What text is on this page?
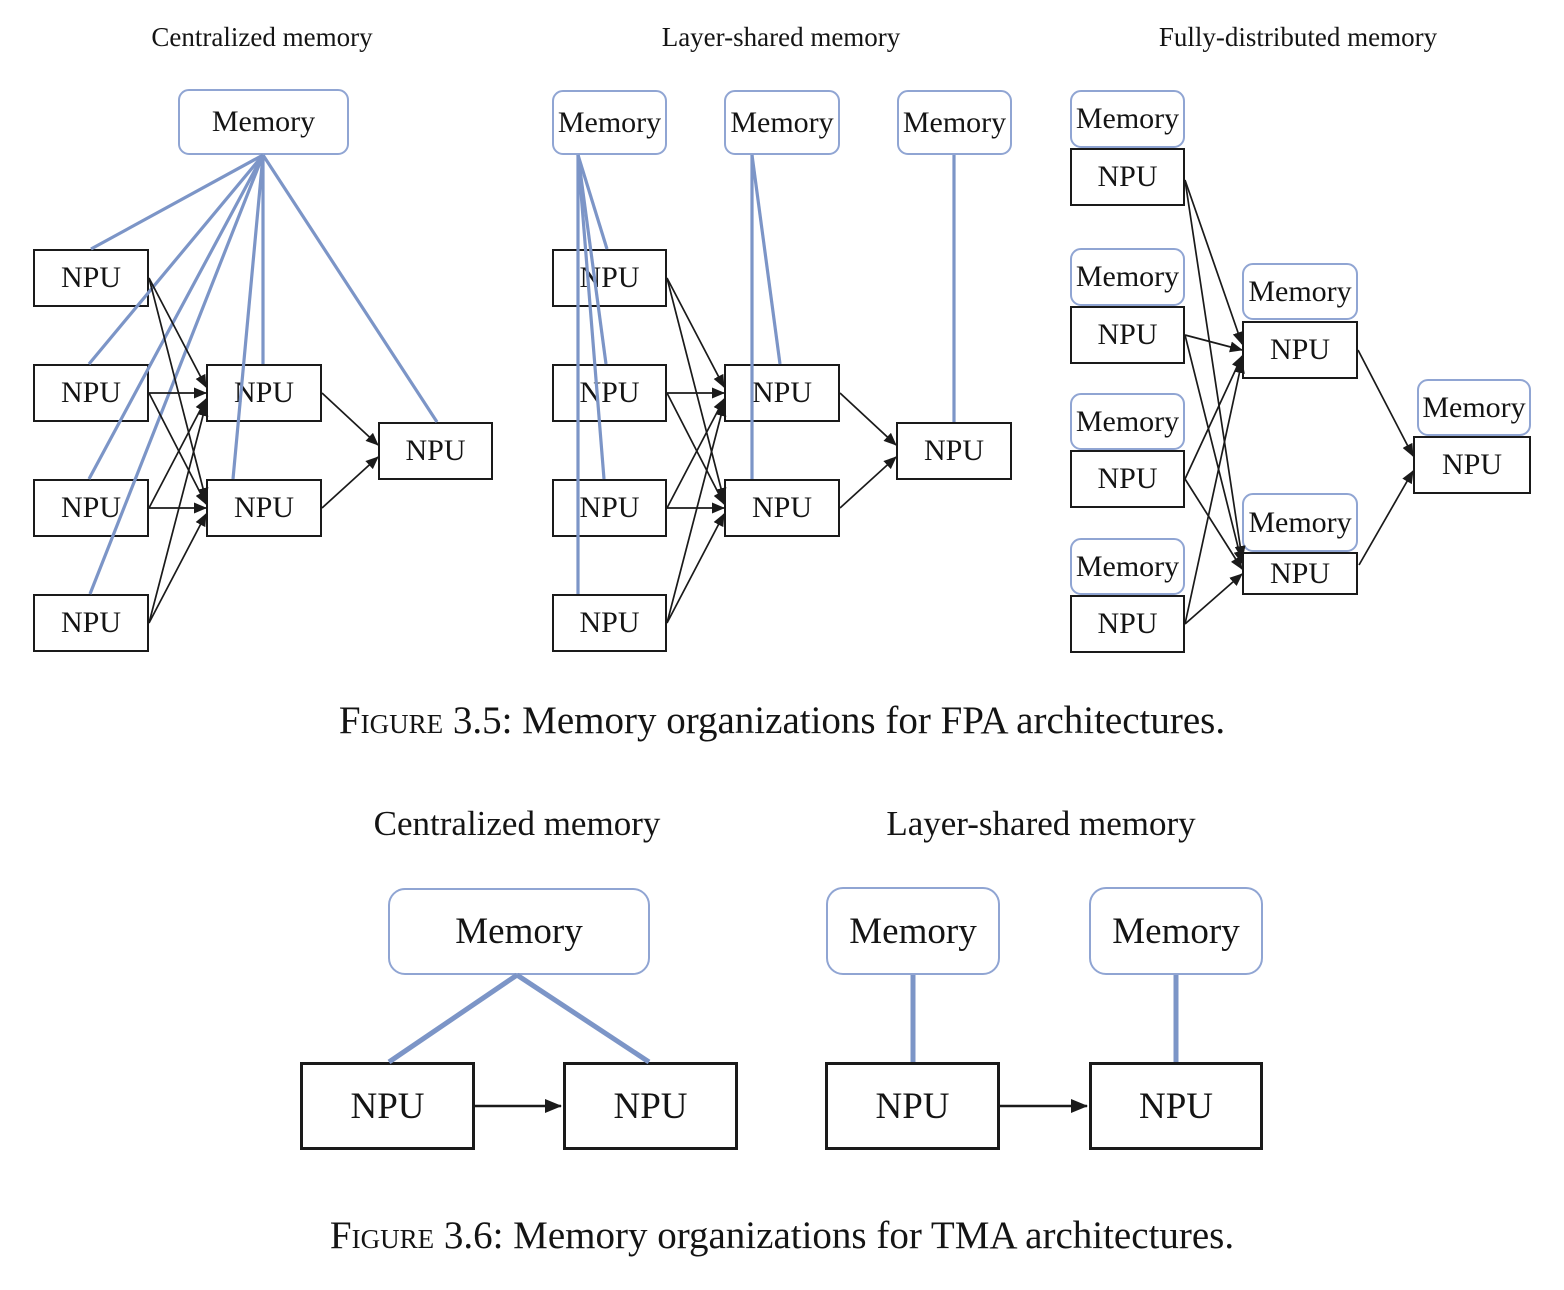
Centralized memory	Layer-shared memory	Fully-distributed memory
Memory
NPU
NPU
NPU
NPU
NPU
NPU
NPU
Memory Memory Memory
NPU
NPU
NPU
NPU
NPU
NPU
NPU
NPU
Memory
NPU
Memory
NPU
Memory
NPU
Memory
NPU
Memory
NPU
Memory
NPU
Memory
Figure 3.5: Memory organizations for FPA architectures.
Centralized memory	Layer-shared memory
Memory
NPU	NPU
Memory	Memory
NPU	NPU
Figure 3.6: Memory organizations for TMA architectures.
